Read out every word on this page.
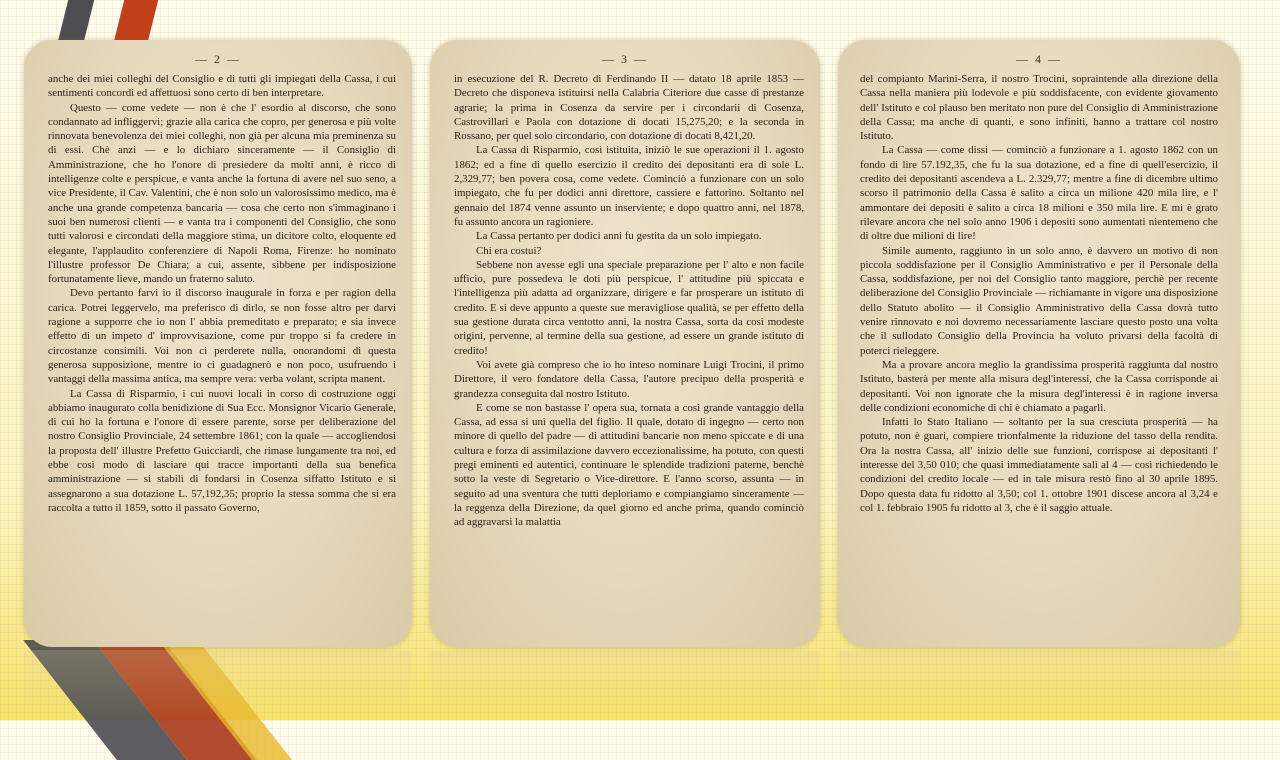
— 2 —

anche dei miei colleghi del Consiglio e di tutti gli impiegati della Cassa, i cui sentimenti concordi ed affettuosi sono certo di ben interpretare.

Questo — come vedete — non è che l' esordio al discorso, che sono condannato ad infliggervi; grazie alla carica che copro, per generosa e più volte rinnovata benevolenza dei miei colleghi, non già per alcuna mia preminenza su di essi. Chè anzi — e lo dichiaro sinceramente — il Consiglio di Amministrazione, che ho l'onore di presiedere da molti anni, è ricco di intelligenze colte e perspicue, e vanta anche la fortuna di avere nel suo seno, a vice Presidente, il Cav. Valentini, che è non solo un valorosissimo medico, ma è anche una grande competenza bancaria — cosa che certo non s'immaginano i suoi ben numerosi clienti — e vanta tra i componenti del Consiglio, che sono tutti valorosi e circondati della maggiore stima, un dicitore colto, eloquente ed elegante, l'applaudito conferenziere di Napoli Roma, Firenze: ho nominato l'illustre professor De Chiara; a cui, assente, sibbene per indisposizione fortunatamente lieve, mando un fraterno saluto.

Devo pertanto farvi io il discorso inaugurale in forza e per ragion della carica. Potrei leggervelo, ma preferisco di dirlo, se non fosse altro per darvi ragione a supporre che io non l' abbia premeditato e preparato; e sia invece effetto di un impeto d' improvvisazione, come pur troppo si fa credere in circostanze consimili. Voi non ci perderete nulla, onorandomi di questa generosa supposizione, mentre io ci guadagnerò e non poco, usufruendo i vantaggi della massima antica, ma sempre vera: verba volant, scripta manent.

La Cassa di Risparmio, i cui nuovi locali in corso di costruzione oggi abbiamo inaugurato colla benidizione di Sua Ecc. Monsignor Vicario Generale, di cui ho la fortuna e l'onore di essere parente, sorse per deliberazione del nostro Consiglio Provinciale, 24 settembre 1861; con la quale — accogliendosi la proposta dell' illustre Prefetto Guicciardi, che rimase lungamente tra noi, ed ebbe così modo di lasciare qui tracce importanti della sua benefica amministrazione — si stabilì di fondarsi in Cosenza siffatto Istituto e si assegnarono a sua dotazione L. 57,192,35; proprio la stessa somma che si era raccolta a tutto il 1859, sotto il passato Governo,

— 3 —

in esecuzione del R. Decreto di Ferdinando II — datato 18 aprile 1853 — Decreto che disponeva istituirsi nella Calabria Citeriore due casse di prestanze agrarie; la prima in Cosenza da servire per i circondarii di Cosenza, Castrovillari e Paola con dotazione di docati 15,275,20; e la seconda in Rossano, per quel solo circondario, con dotazione di docati 8,421,20.

La Cassa di Risparmio, così istituita, iniziò le sue operazioni il 1. agosto 1862; ed a fine di quello esercizio il credito dei depositanti era di sole L. 2,329,77; ben povera cosa, come vedete. Cominciò a funzionare con un solo impiegato, che fu per dodici anni direttore, cassiere e fattorino. Soltanto nel gennaio del 1874 venne assunto un inserviente; e dopo quattro anni, nel 1878, fu assunto ancora un ragioniere.

La Cassa pertanto per dodici anni fu gestita da un solo impiegato.

Chi era costui?

Sebbene non avesse egli una speciale preparazione per l' alto e non facile ufficio, pure possedeva le doti più perspicue, l' attitudine più spiccata e l'intelligenza più adatta ad organizzare, dirigere e far prosperare un istituto di credito. E si deve appunto a queste sue meravigliose qualità, se per effetto della sua gestione durata circa ventotto anni, la nostra Cassa, sorta da così modeste origini, pervenne, al termine della sua gestione, ad essere un grande istituto di credito!

Voi avete già compreso che io ho inteso nominare Luigi Trocini, il primo Direttore, il vero fondatore della Cassa, l'autore precipuo della prosperità e grandezza conseguita dal nostro Istituto.

E come se non bastasse l' opera sua, tornata a così grande vantaggio della Cassa, ad essa si unì quella del figlio. Il quale, dotato di ingegno — certo non minore di quello del padre — di attitudini bancarie non meno spiccate e di una cultura e forza di assimilazione davvero eccezionalissime, ha potuto, con questi pregi eminenti ed autentici, continuare le splendide tradizioni paterne, benchè sotto la veste di Segretario o Vice-direttore. E l'anno scorso, assunta — in seguito ad una sventura che tutti deploriamo e compiangiamo sinceramente — la reggenza della Direzione, da quel giorno ed anche prima, quando cominciò ad aggravarsi la malattia

— 4 —

del compianto Marini-Serra, il nostro Trocini, sopraintende alla direzione della Cassa nella maniera più lodevole e più soddisfacente, con evidente giovamento dell' Istituto e col plauso ben meritato non pure del Consiglio di Amministrazione della Cassa; ma anche di quanti, e sono infiniti, hanno a trattare col nostro Istituto.

La Cassa — come dissi — cominciò a funzionare a 1. agosto 1862 con un fondo di lire 57.192,35, che fu la sua dotazione, ed a fine di quell'esercizio, il credito dei depositanti ascendeva a L. 2.329,77; mentre a fine di dicembre ultimo scorso il patrimonio della Cassa è salito a circa un milione 420 mila lire, e l' ammontare dei depositi è salito a circa 18 milioni e 350 mila lire. E mi è grato rilevare ancora che nel solo anno 1906 i depositi sono aumentati nientemeno che di oltre due milioni di lire!

Simile aumento, raggiunto in un solo anno, è davvero un motivo di non piccola soddisfazione per il Consiglio Amministrativo e per il Personale della Cassa, soddisfazione, per noi del Consiglio tanto maggiore, perchè per recente deliberazione del Consiglio Provinciale — richiamante in vigore una disposizione dello Statuto abolito — il Consiglio Amministrativo della Cassa dovrà tutto venire rinnovato e noi dovremo necessariamente lasciare questo posto una volta che il sullodato Consiglio della Provincia ha voluto privarsi della facoltà di poterci rieleggere.

Ma a provare ancora meglio la grandissima prosperità raggiunta dal nostro Istituto, basterà per mente alla misura degl'interessi, che la Cassa corrisponde ai depositanti. Voi non ignorate che la misura degl'interessi è in ragione inversa delle condizioni economiche di chi è chiamato a pagarli.

Infatti lo Stato Italiano — soltanto per la sua cresciuta prosperità — ha potuto, non è guari, compiere trionfalmente la riduzione del tasso della rendita. Ora la nostra Cassa, all' inizio delle sue funzioni, corrispose ai depositanti l' interesse del 3,50 010; che quasi immediatamente salì al 4 — così richiedendo le condizioni del credito locale — ed in tale misura restò fino al 30 aprile 1895. Dopo questa data fu ridotto al 3,50; col 1. ottobre 1901 discese ancora al 3,24 e col 1. febbraio 1905 fu ridotto al 3, che è il saggio attuale.
